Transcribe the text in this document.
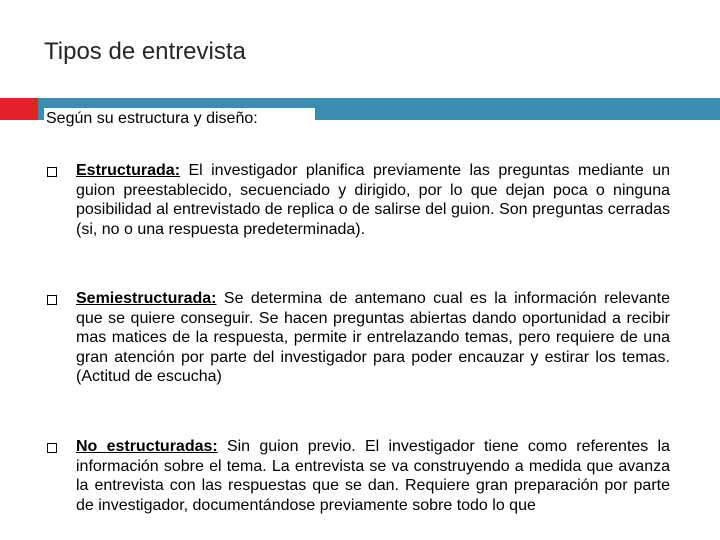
Tipos de entrevista
Según su estructura y diseño:
Estructurada: El investigador planifica previamente las preguntas mediante un guion preestablecido, secuenciado y dirigido, por lo que dejan poca o ninguna posibilidad al entrevistado de replica o de salirse del guion. Son preguntas cerradas (si, no o una respuesta predeterminada).
Semiestructurada: Se determina de antemano cual es la información relevante que se quiere conseguir. Se hacen preguntas abiertas dando oportunidad a recibir mas matices de la respuesta, permite ir entrelazando temas, pero requiere de una gran atención por parte del investigador para poder encauzar y estirar los temas. (Actitud de escucha)
No estructuradas: Sin guion previo. El investigador tiene como referentes la información sobre el tema. La entrevista se va construyendo a medida que avanza la entrevista con las respuestas que se dan. Requiere gran preparación por parte de investigador, documentándose previamente sobre todo lo que
